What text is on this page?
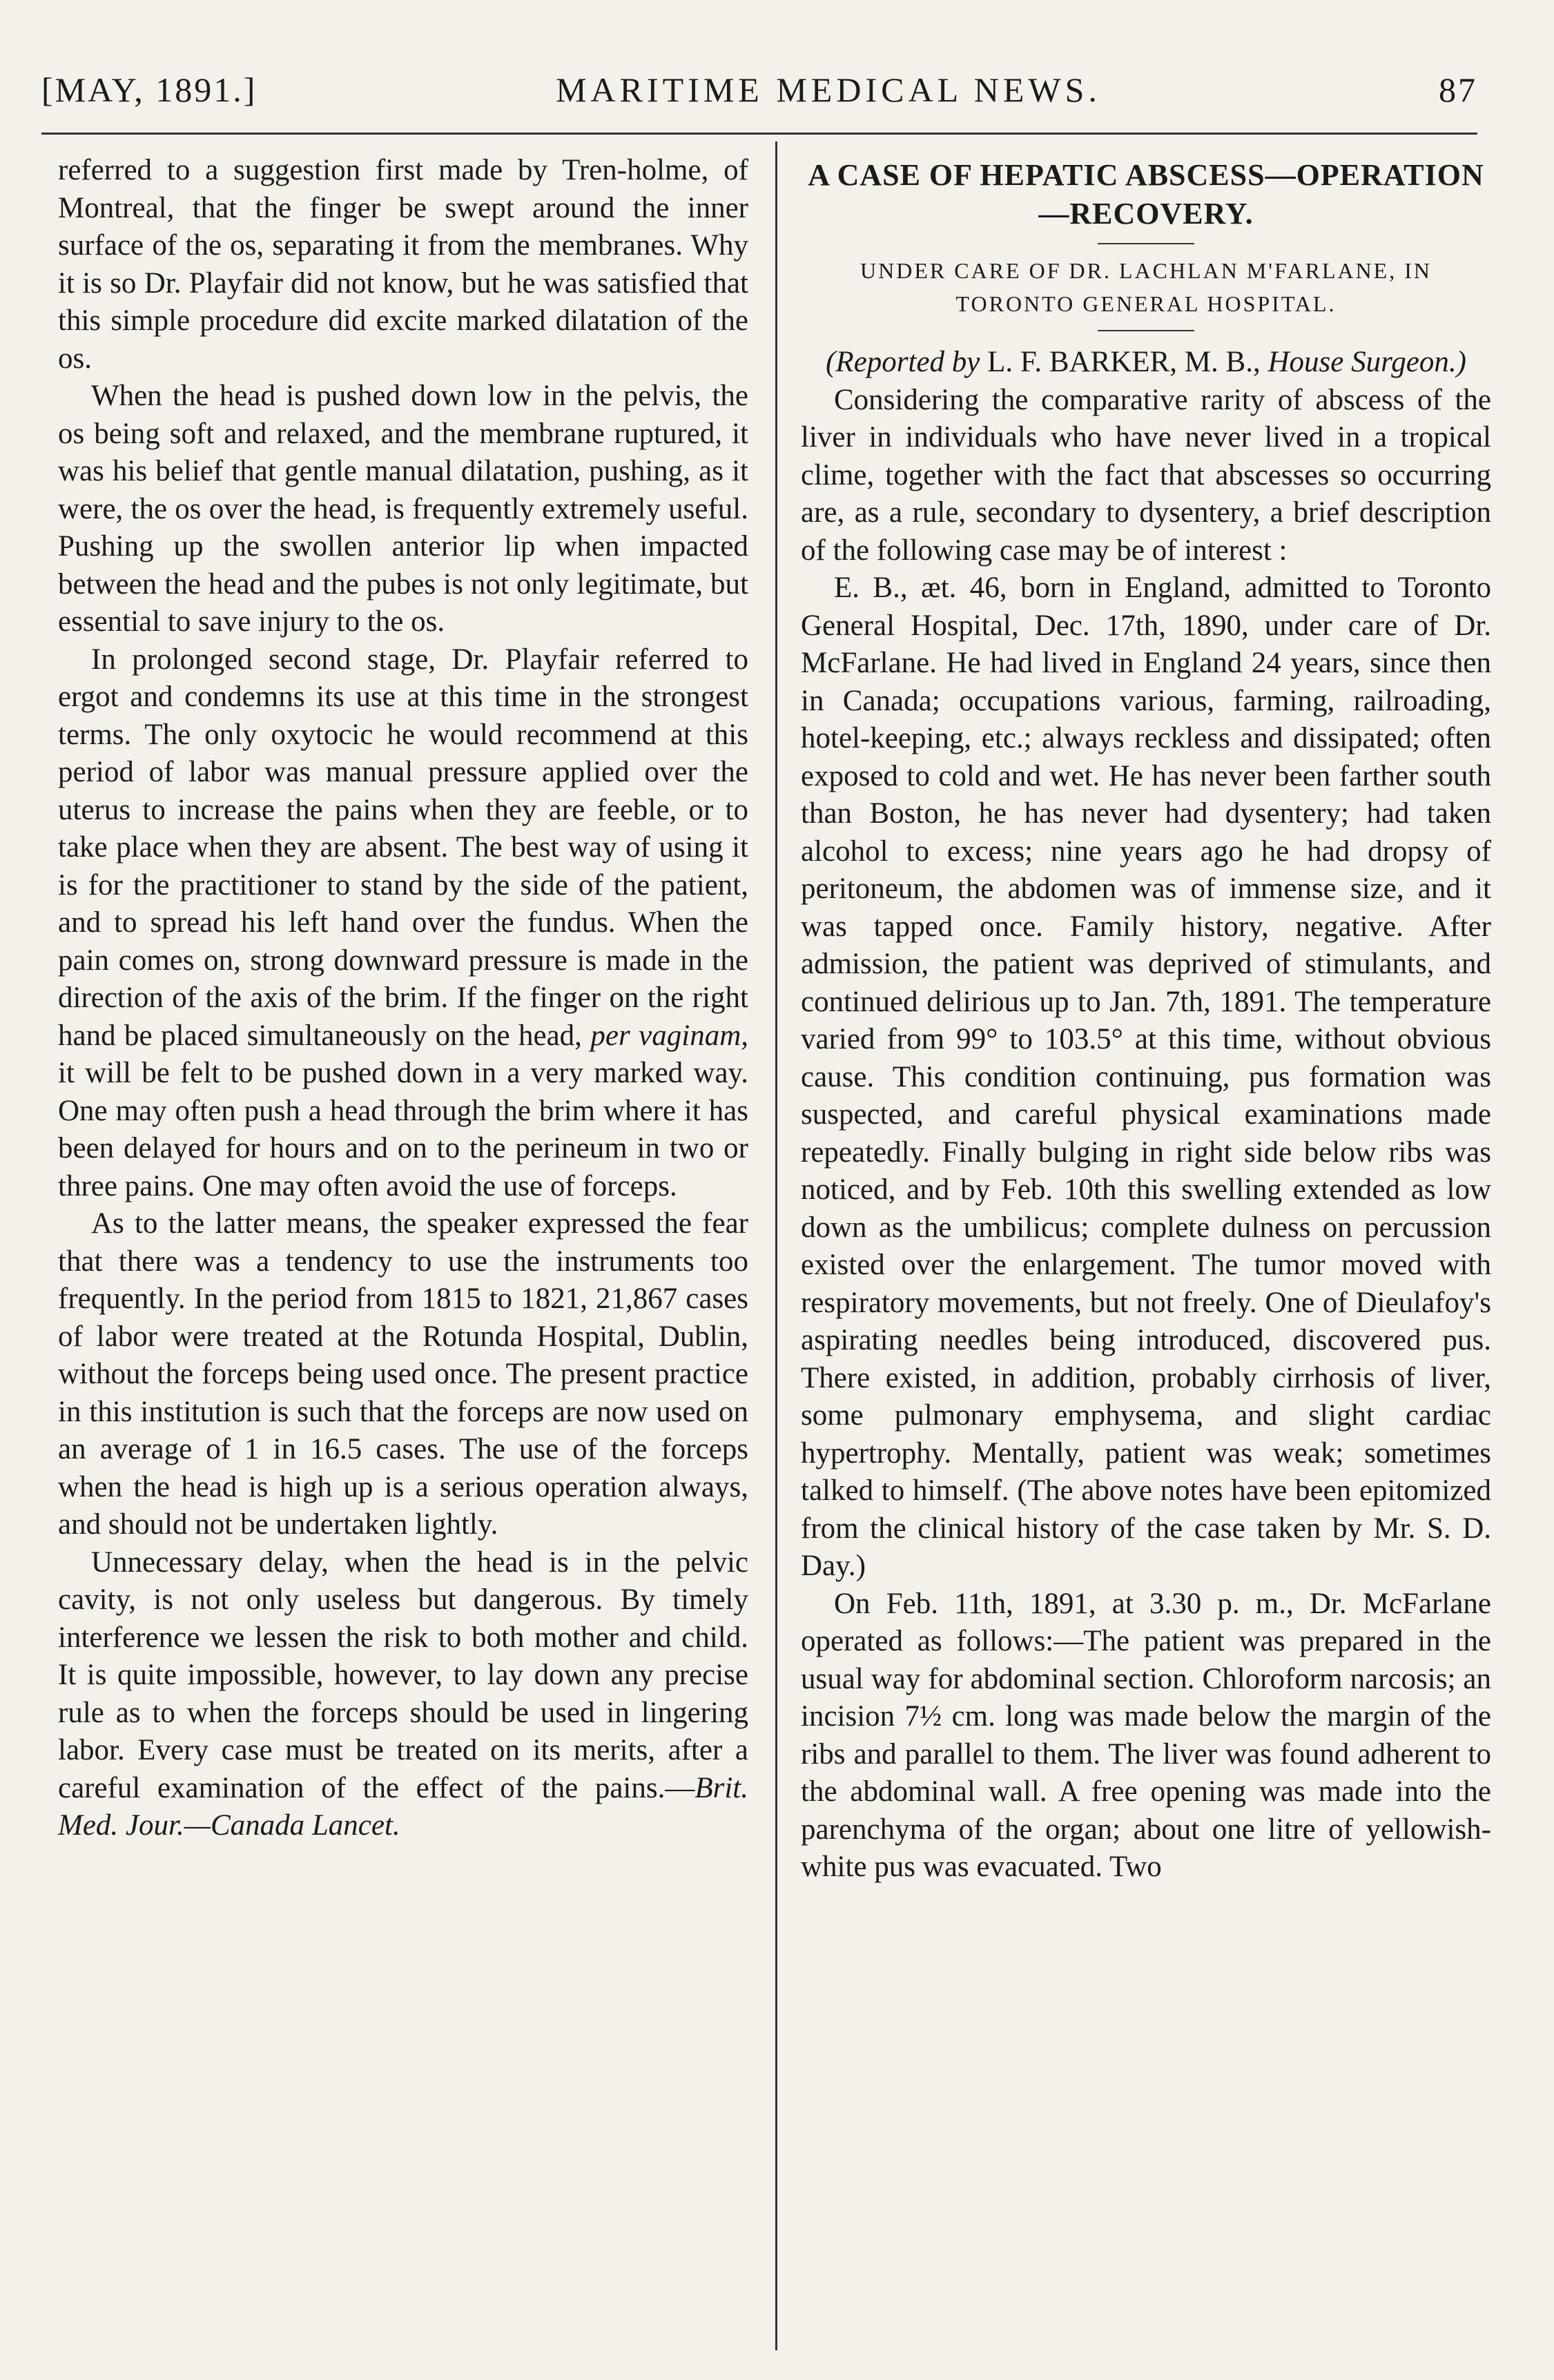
[MAY, 1891.]	MARITIME MEDICAL NEWS.	87

referred to a suggestion first made by Tren-holme, of Montreal, that the finger be swept around the inner surface of the os, separating it from the membranes. Why it is so Dr. Playfair did not know, but he was satisfied that this simple procedure did excite marked dilatation of the os.

When the head is pushed down low in the pelvis, the os being soft and relaxed, and the membrane ruptured, it was his belief that gentle manual dilatation, pushing, as it were, the os over the head, is frequently extremely useful. Pushing up the swollen anterior lip when impacted between the head and the pubes is not only legitimate, but essential to save injury to the os.

In prolonged second stage, Dr. Playfair referred to ergot and condemns its use at this time in the strongest terms. The only oxytocic he would recommend at this period of labor was manual pressure applied over the uterus to increase the pains when they are feeble, or to take place when they are absent. The best way of using it is for the practitioner to stand by the side of the patient, and to spread his left hand over the fundus. When the pain comes on, strong downward pressure is made in the direction of the axis of the brim. If the finger on the right hand be placed simultaneously on the head, per vaginam, it will be felt to be pushed down in a very marked way. One may often push a head through the brim where it has been delayed for hours and on to the perineum in two or three pains. One may often avoid the use of forceps.

As to the latter means, the speaker expressed the fear that there was a tendency to use the instruments too frequently. In the period from 1815 to 1821, 21,867 cases of labor were treated at the Rotunda Hospital, Dublin, without the forceps being used once. The present practice in this institution is such that the forceps are now used on an average of 1 in 16.5 cases. The use of the forceps when the head is high up is a serious operation always, and should not be undertaken lightly.

Unnecessary delay, when the head is in the pelvic cavity, is not only useless but dangerous. By timely interference we lessen the risk to both mother and child. It is quite impossible, however, to lay down any precise rule as to when the forceps should be used in lingering labor. Every case must be treated on its merits, after a careful examination of the effect of the pains.—Brit. Med. Jour.—Canada Lancet.

A CASE OF HEPATIC ABSCESS—OPERATION—RECOVERY.
UNDER CARE OF DR. LACHLAN M'FARLANE, IN TORONTO GENERAL HOSPITAL.
(Reported by L. F. BARKER, M. B., House Surgeon.)

Considering the comparative rarity of abscess of the liver in individuals who have never lived in a tropical clime, together with the fact that abscesses so occurring are, as a rule, secondary to dysentery, a brief description of the following case may be of interest :

E. B., æt. 46, born in England, admitted to Toronto General Hospital, Dec. 17th, 1890, under care of Dr. McFarlane. He had lived in England 24 years, since then in Canada; occupations various, farming, railroading, hotel-keeping, etc.; always reckless and dissipated; often exposed to cold and wet. He has never been farther south than Boston, he has never had dysentery; had taken alcohol to excess; nine years ago he had dropsy of peritoneum, the abdomen was of immense size, and it was tapped once. Family history, negative. After admission, the patient was deprived of stimulants, and continued delirious up to Jan. 7th, 1891. The temperature varied from 99° to 103.5° at this time, without obvious cause. This condition continuing, pus formation was suspected, and careful physical examinations made repeatedly. Finally bulging in right side below ribs was noticed, and by Feb. 10th this swelling extended as low down as the umbilicus; complete dulness on percussion existed over the enlargement. The tumor moved with respiratory movements, but not freely. One of Dieulafoy's aspirating needles being introduced, discovered pus. There existed, in addition, probably cirrhosis of liver, some pulmonary emphysema, and slight cardiac hypertrophy. Mentally, patient was weak; sometimes talked to himself. (The above notes have been epitomized from the clinical history of the case taken by Mr. S. D. Day.)

On Feb. 11th, 1891, at 3.30 p. m., Dr. McFarlane operated as follows:—The patient was prepared in the usual way for abdominal section. Chloroform narcosis; an incision 7½ cm. long was made below the margin of the ribs and parallel to them. The liver was found adherent to the abdominal wall. A free opening was made into the parenchyma of the organ; about one litre of yellowish-white pus was evacuated. Two
